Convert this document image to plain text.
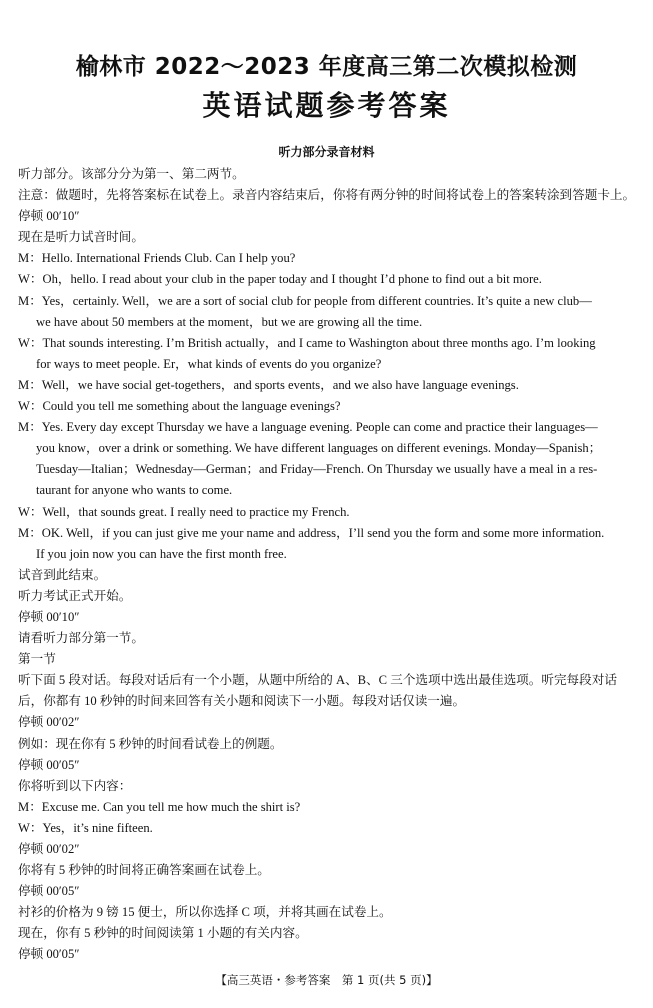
榆林市 2022～2023 年度高三第二次模拟检测
英语试题参考答案
听力部分录音材料
听力部分。该部分分为第一、第二两节。
注意：做题时，先将答案标在试卷上。录音内容结束后，你将有两分钟的时间将试卷上的答案转涂到答题卡上。
停顿 00′10″
现在是听力试音时间。
M：Hello. International Friends Club. Can I help you?
W：Oh，hello. I read about your club in the paper today and I thought I’d phone to find out a bit more.
M：Yes，certainly. Well，we are a sort of social club for people from different countries. It’s quite a new club—
we have about 50 members at the moment，but we are growing all the time.
W：That sounds interesting. I’m British actually，and I came to Washington about three months ago. I’m looking
for ways to meet people. Er，what kinds of events do you organize?
M：Well，we have social get-togethers，and sports events，and we also have language evenings.
W：Could you tell me something about the language evenings?
M：Yes. Every day except Thursday we have a language evening. People can come and practice their languages—
you know，over a drink or something. We have different languages on different evenings. Monday—Spanish；
Tuesday—Italian；Wednesday—German；and Friday—French. On Thursday we usually have a meal in a res-
taurant for anyone who wants to come.
W：Well，that sounds great. I really need to practice my French.
M：OK. Well，if you can just give me your name and address，I’ll send you the form and some more information.
If you join now you can have the first month free.
试音到此结束。
听力考试正式开始。
停顿 00′10″
请看听力部分第一节。
第一节
听下面 5 段对话。每段对话后有一个小题，从题中所给的 A、B、C 三个选项中选出最佳选项。听完每段对话
后，你都有 10 秒钟的时间来回答有关小题和阅读下一小题。每段对话仅读一遍。
停顿 00′02″
例如：现在你有 5 秒钟的时间看试卷上的例题。
停顿 00′05″
你将听到以下内容：
M：Excuse me. Can you tell me how much the shirt is?
W：Yes，it’s nine fifteen.
停顿 00′02″
你将有 5 秒钟的时间将正确答案画在试卷上。
停顿 00′05″
衬衫的价格为 9 镑 15 便士，所以你选择 C 项，并将其画在试卷上。
现在，你有 5 秒钟的时间阅读第 1 小题的有关内容。
停顿 00′05″
【高三英语・参考答案　第 1 页(共 5 页)】
